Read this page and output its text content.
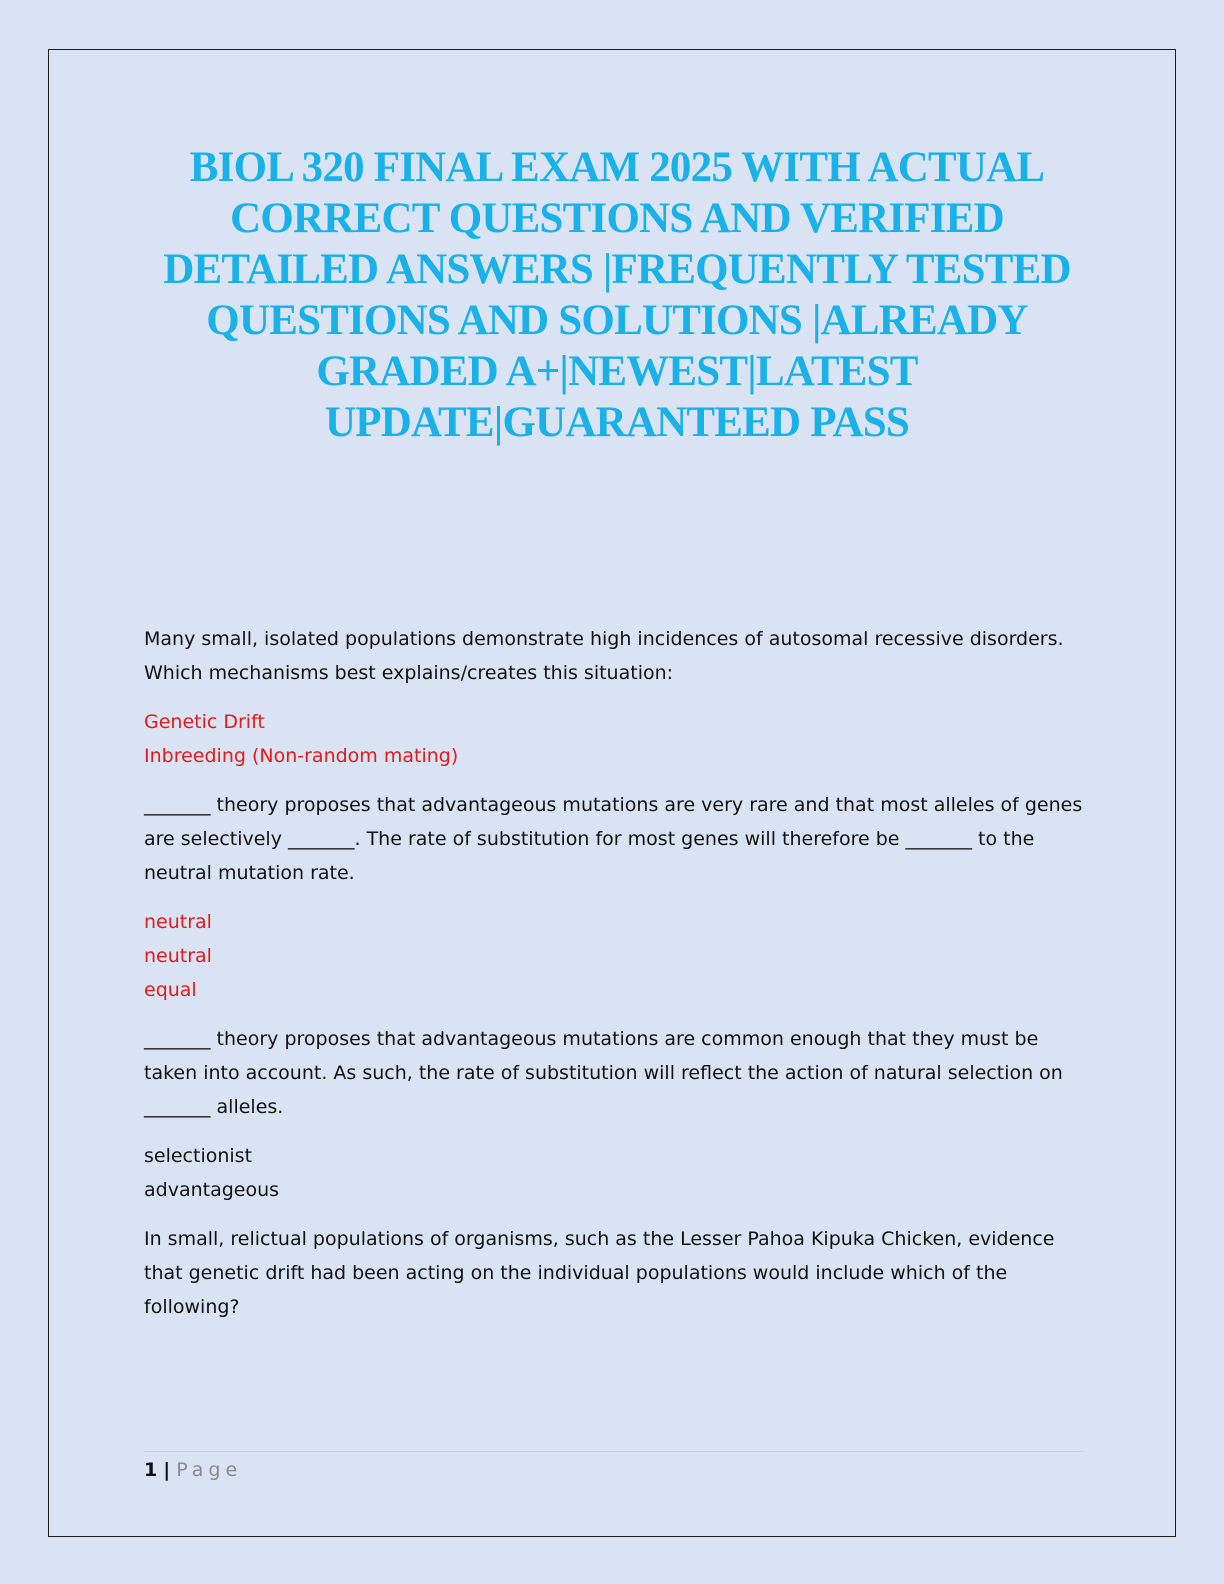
BIOL 320 FINAL EXAM 2025 WITH ACTUAL
CORRECT QUESTIONS AND VERIFIED
DETAILED ANSWERS |FREQUENTLY TESTED
QUESTIONS AND SOLUTIONS |ALREADY
GRADED A+|NEWEST|LATEST
UPDATE|GUARANTEED PASS

Many small, isolated populations demonstrate high incidences of autosomal recessive disorders. Which mechanisms best explains/creates this situation:

Genetic Drift
Inbreeding (Non-random mating)

_______ theory proposes that advantageous mutations are very rare and that most alleles of genes are selectively _______. The rate of substitution for most genes will therefore be _______ to the neutral mutation rate.

neutral
neutral
equal

_______ theory proposes that advantageous mutations are common enough that they must be taken into account. As such, the rate of substitution will reflect the action of natural selection on _______ alleles.

selectionist
advantageous

In small, relictual populations of organisms, such as the Lesser Pahoa Kipuka Chicken, evidence that genetic drift had been acting on the individual populations would include which of the following?

1 | Page
